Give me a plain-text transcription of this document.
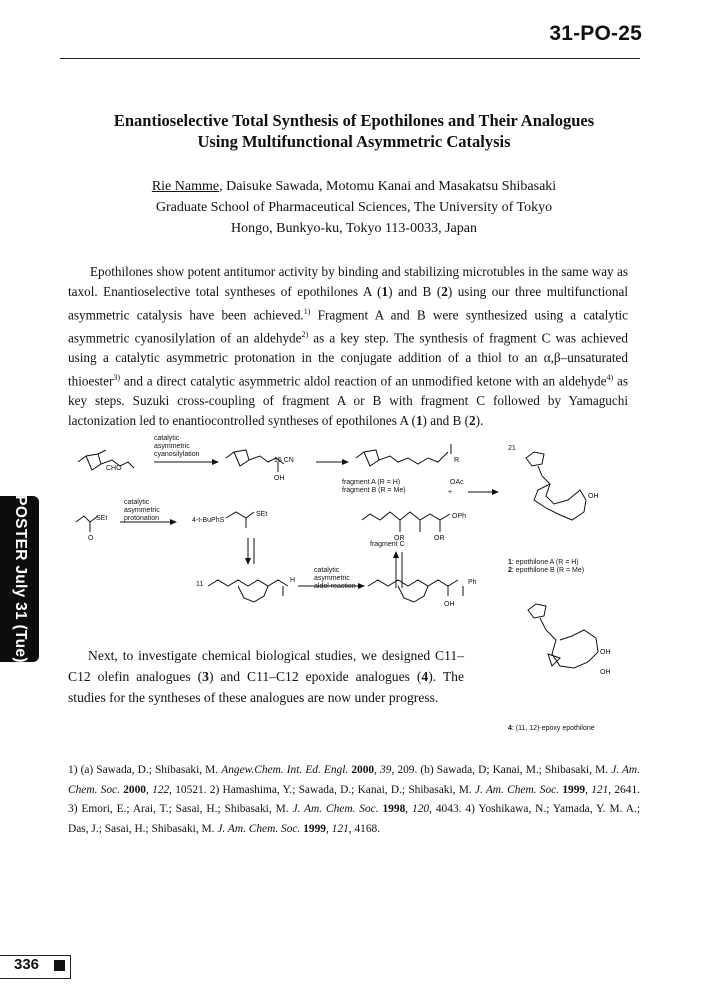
31-PO-25
Enantioselective Total Synthesis of Epothilones and Their Analogues
Using Multifunctional Asymmetric Catalysis
Rie Namme, Daisuke Sawada, Motomu Kanai and Masakatsu Shibasaki
Graduate School of Pharmaceutical Sciences, The University of Tokyo
Hongo, Bunkyo-ku, Tokyo 113-0033, Japan

Epothilones show potent antitumor activity by binding and stabilizing microtubles in the same way as taxol. Enantioselective total syntheses of epothilones A (1) and B (2) using our three multifunctional asymmetric catalysis have been achieved.$^{1)}$ Fragment A and B were synthesized using a catalytic asymmetric cyanosilylation of an aldehyde$^{2)}$ as a key step. The synthesis of fragment C was achieved using a catalytic asymmetric protonation in the conjugate addition of a thiol to an α,β–unsaturated thioester$^{3)}$ and a direct catalytic asymmetric aldol reaction of an unmodified ketone with an aldehyde$^{4)}$ as key steps. Suzuki cross-coupling of fragment A or B with fragment C followed by Yamaguchi lactonization led to enantiocontrolled syntheses of epothilones A (1) and B (2).

CHO
catalytic
asymmetric
cyanosilylation
15 CN
OH
fragment A (R = H)
fragment B (R = Me)
OAc
R
+
SEt
O
catalytic
asymmetric
protonation	4-t-BuPhS
SEt	OPh
OR	OR
fragment C
11
H
catalytic
asymmetric
aldol reaction
Ph
OH
21
OH
1: epothilone A (R = H)
2: epothilone B (R = Me)
OH
OH
4: (11, 12)-epoxy epothilone

Next, to investigate chemical biological studies, we designed C11–C12 olefin analogues (3) and C11–C12 epoxide analogues (4). The studies for the syntheses of these analogues are now under progress.

1) (a) Sawada, D.; Shibasaki, M. Angew.Chem. Int. Ed. Engl. 2000, 39, 209. (b) Sawada, D; Kanai, M.; Shibasaki, M. J. Am. Chem. Soc. 2000, 122, 10521. 2) Hamashima, Y.; Sawada, D.; Kanai, D.; Shibasaki, M. J. Am. Chem. Soc. 1999, 121, 2641. 3) Emori, E.; Arai, T.; Sasai, H.; Shibasaki, M. J. Am. Chem. Soc. 1998, 120, 4043. 4) Yoshikawa, N.; Yamada, Y. M. A.; Das, J.; Sasai, H.; Shibasaki, M. J. Am. Chem. Soc. 1999, 121, 4168.
POSTER July 31 (Tue)
336
